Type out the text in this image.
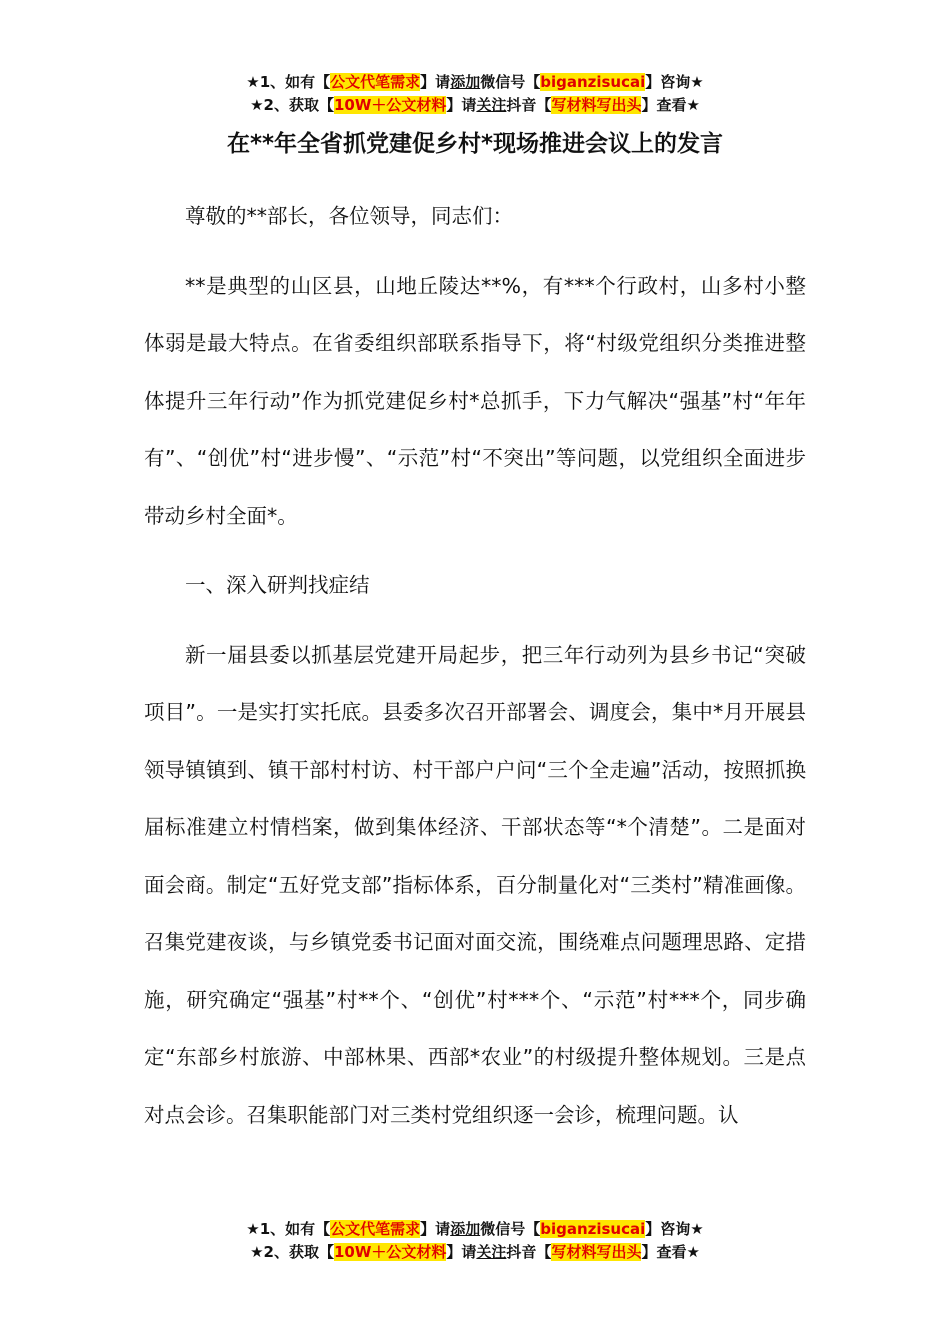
★1、如有【公文代笔需求】请添加微信号【biganzisucai】咨询★
★2、获取【10W＋公文材料】请关注抖音【写材料写出头】查看★
在**年全省抓党建促乡村*现场推进会议上的发言

尊敬的**部长，各位领导，同志们：

**是典型的山区县，山地丘陵达**%，有***个行政村，山多村小整体弱是最大特点。在省委组织部联系指导下，将“村级党组织分类推进整体提升三年行动”作为抓党建促乡村*总抓手，下力气解决“强基”村“年年有”、“创优”村“进步慢”、“示范”村“不突出”等问题，以党组织全面进步带动乡村全面*。

一、深入研判找症结

新一届县委以抓基层党建开局起步，把三年行动列为县乡书记“突破项目”。一是实打实托底。县委多次召开部署会、调度会，集中*月开展县领导镇镇到、镇干部村村访、村干部户户问“三个全走遍”活动，按照抓换届标准建立村情档案，做到集体经济、干部状态等“*个清楚”。二是面对面会商。制定“五好党支部”指标体系，百分制量化对“三类村”精准画像。召集党建夜谈，与乡镇党委书记面对面交流，围绕难点问题理思路、定措施，研究确定“强基”村**个、“创优”村***个、“示范”村***个，同步确定“东部乡村旅游、中部林果、西部*农业”的村级提升整体规划。三是点对点会诊。召集职能部门对三类村党组织逐一会诊，梳理问题。认

★1、如有【公文代笔需求】请添加微信号【biganzisucai】咨询★
★2、获取【10W＋公文材料】请关注抖音【写材料写出头】查看★
